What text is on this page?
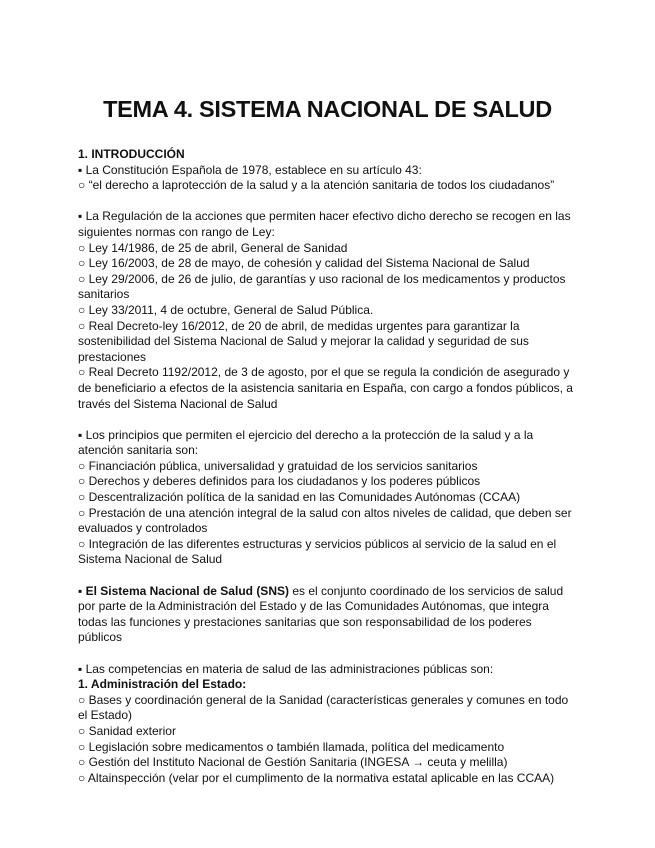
TEMA 4. SISTEMA NACIONAL DE SALUD

1. INTRODUCCIÓN

▪ La Constitución Española de 1978, establece en su artículo 43:

○ “el derecho a laprotección de la salud y a la atención sanitaria de todos los ciudadanos”

▪ La Regulación de la acciones que permiten hacer efectivo dicho derecho se recogen en las siguientes normas con rango de Ley:

○ Ley 14/1986, de 25 de abril, General de Sanidad

○ Ley 16/2003, de 28 de mayo, de cohesión y calidad del Sistema Nacional de Salud

○ Ley 29/2006, de 26 de julio, de garantías y uso racional de los medicamentos y productos sanitarios

○ Ley 33/2011, 4 de octubre, General de Salud Pública.

○ Real Decreto-ley 16/2012, de 20 de abril, de medidas urgentes para garantizar la sostenibilidad del Sistema Nacional de Salud y mejorar la calidad y seguridad de sus prestaciones

○ Real Decreto 1192/2012, de 3 de agosto, por el que se regula la condición de asegurado y de beneficiario a efectos de la asistencia sanitaria en España, con cargo a fondos públicos, a través del Sistema Nacional de Salud

▪ Los principios que permiten el ejercicio del derecho a la protección de la salud y a la atención sanitaria son:

○ Financiación pública, universalidad y gratuidad de los servicios sanitarios

○ Derechos y deberes definidos para los ciudadanos y los poderes públicos

○ Descentralización política de la sanidad en las Comunidades Autónomas (CCAA)

○ Prestación de una atención integral de la salud con altos niveles de calidad, que deben ser evaluados y controlados

○ Integración de las diferentes estructuras y servicios públicos al servicio de la salud en el Sistema Nacional de Salud

▪ El Sistema Nacional de Salud (SNS) es el conjunto coordinado de los servicios de salud por parte de la Administración del Estado y de las Comunidades Autónomas, que integra todas las funciones y prestaciones sanitarias que son responsabilidad de los poderes públicos

▪ Las competencias en materia de salud de las administraciones públicas son:

1. Administración del Estado:

○ Bases y coordinación general de la Sanidad (características generales y comunes en todo el Estado)

○ Sanidad exterior

○ Legislación sobre medicamentos o también llamada, política del medicamento

○ Gestión del Instituto Nacional de Gestión Sanitaria (INGESA → ceuta y melilla)

○ Altainspección (velar por el cumplimento de la normativa estatal aplicable en las CCAA)
